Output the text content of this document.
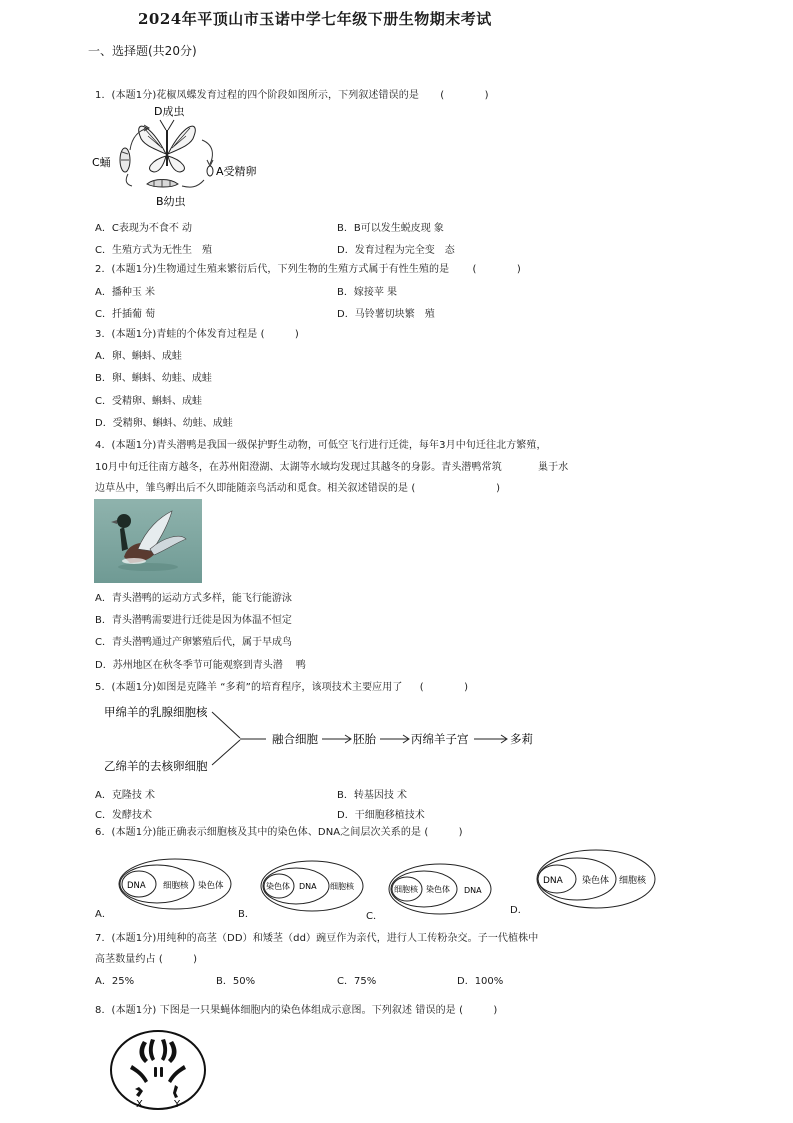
2024年平顶山市玉诺中学七年级下册生物期末考试
一、选择题(共20分)
1．(本题1分)花椒凤蝶发育过程的四个阶段如图所示，下列叙述错误的是 (　　　　)
D成虫
C蛹
A受精卵
B幼虫
A．C表现为不食不 动	B．B可以发生蜕皮现 象
C．生殖方式为无性生　殖	D．发育过程为完全变　态
2．(本题1分)生物通过生殖来繁衍后代，下列生物的生殖方式属于有性生殖的是 (　　　　)
A．播种玉 米	B．嫁接苹 果
C．扦插葡 萄	D．马铃薯切块繁　殖
3．(本题1分)青蛙的个体发育过程是 (　　　)
A．卵、蝌蚪、成蛙
B．卵、蝌蚪、幼蛙、成蛙
C．受精卵、蝌蚪、成蛙
D．受精卵、蝌蚪、幼蛙、成蛙
4．(本题1分)青头潜鸭是我国一级保护野生动物，可低空飞行进行迁徙，每年3月中旬迁往北方繁殖，
10月中旬迁往南方越冬，在苏州阳澄湖、太湖等水域均发现过其越冬的身影。青头潜鸭常筑	巢于水
边草丛中，雏鸟孵出后不久即能随亲鸟活动和觅食。相关叙述错误的是 (　　　　　　　　)
A．青头潜鸭的运动方式多样，能飞行能游泳
B．青头潜鸭需要进行迁徙是因为体温不恒定
C．青头潜鸭通过产卵繁殖后代，属于早成鸟
D．苏州地区在秋冬季节可能观察到青头潜　 鸭
5．(本题1分)如图是克隆羊 “多莉”的培育程序，该项技术主要应用了 (　　　　)
甲绵羊的乳腺细胞核
乙绵羊的去核卵细胞
融合细胞	胚胎	丙绵羊子宫	多莉
A．克隆技 术	B．转基因技 术
C．发酵技术	D．干细胞移植技术
6．(本题1分)能正确表示细胞核及其中的染色体、DNA之间层次关系的是 (　　　)
DNA 细胞核 染色体
A．
染色体 DNA 细胞核
B．
细胞核 染色体 DNA
C．
DNA 染色体 细胞核
D．
7．(本题1分)用纯种的高茎（DD）和矮茎（dd）豌豆作为亲代，进行人工传粉杂交。子一代植株中
高茎数量约占 (　　　)
A．25%	B．50%	C．75%	D．100%
8．(本题1分) 下图是一只果蝇体细胞内的染色体组成示意图。下列叙述 错误的是 (　　　)
X	Y
